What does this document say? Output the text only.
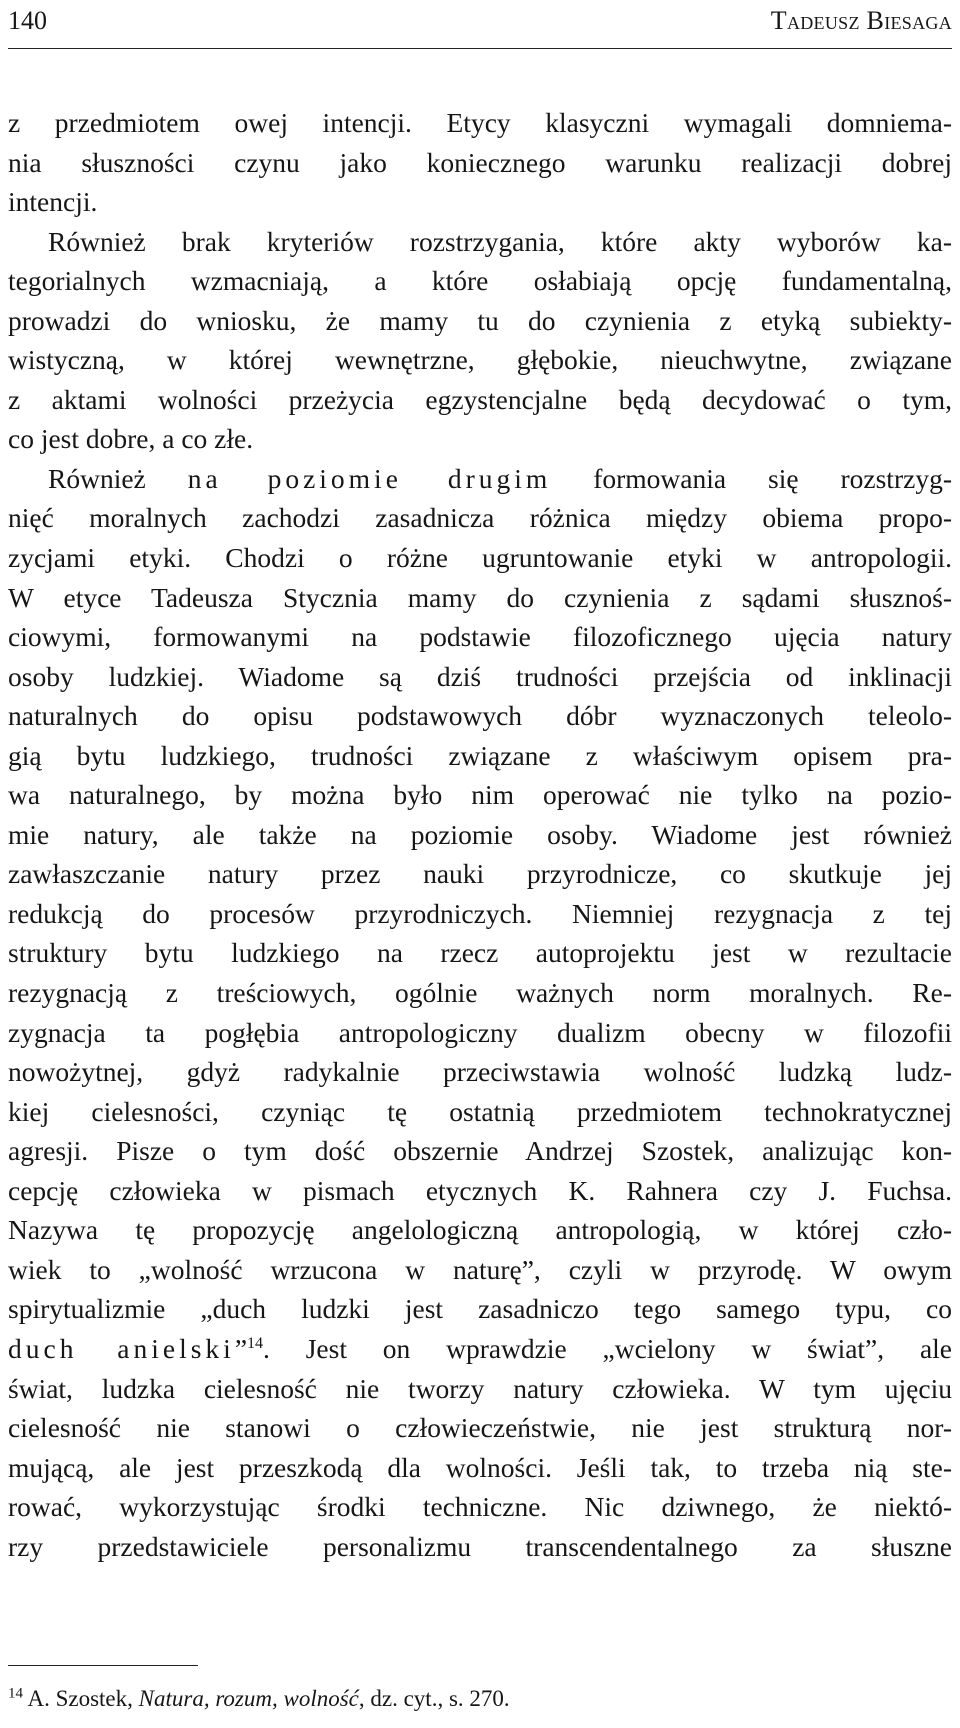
140	Tadeusz Biesaga
z przedmiotem owej intencji. Etycy klasyczni wymagali domniema-
nia słuszności czynu jako koniecznego warunku realizacji dobrej
intencji.
Również brak kryteriów rozstrzygania, które akty wyborów ka-
tegorialnych wzmacniają, a które osłabiają opcję fundamentalną,
prowadzi do wniosku, że mamy tu do czynienia z etyką subiekty-
wistyczną, w której wewnętrzne, głębokie, nieuchwytne, związane
z aktami wolności przeżycia egzystencjalne będą decydować o tym,
co jest dobre, a co złe.
Również na poziomie drugim formowania się rozstrzyg-
nięć moralnych zachodzi zasadnicza różnica między obiema propo-
zycjami etyki. Chodzi o różne ugruntowanie etyki w antropologii.
W etyce Tadeusza Stycznia mamy do czynienia z sądami słusznoś-
ciowymi, formowanymi na podstawie filozoficznego ujęcia natury
osoby ludzkiej. Wiadome są dziś trudności przejścia od inklinacji
naturalnych do opisu podstawowych dóbr wyznaczonych teleolo-
gią bytu ludzkiego, trudności związane z właściwym opisem pra-
wa naturalnego, by można było nim operować nie tylko na pozio-
mie natury, ale także na poziomie osoby. Wiadome jest również
zawłaszczanie natury przez nauki przyrodnicze, co skutkuje jej
redukcją do procesów przyrodniczych. Niemniej rezygnacja z tej
struktury bytu ludzkiego na rzecz autoprojektu jest w rezultacie
rezygnacją z treściowych, ogólnie ważnych norm moralnych. Re-
zygnacja ta pogłębia antropologiczny dualizm obecny w filozofii
nowożytnej, gdyż radykalnie przeciwstawia wolność ludzką ludz-
kiej cielesności, czyniąc tę ostatnią przedmiotem technokratycznej
agresji. Pisze o tym dość obszernie Andrzej Szostek, analizując kon-
cepcję człowieka w pismach etycznych K. Rahnera czy J. Fuchsa.
Nazywa tę propozycję angelologiczną antropologią, w której czło-
wiek to „wolność wrzucona w naturę”, czyli w przyrodę. W owym
spirytualizmie „duch ludzki jest zasadniczo tego samego typu, co
duch anielski”$^{14}$. Jest on wprawdzie „wcielony w świat”, ale
świat, ludzka cielesność nie tworzy natury człowieka. W tym ujęciu
cielesność nie stanowi o człowieczeństwie, nie jest strukturą nor-
mującą, ale jest przeszkodą dla wolności. Jeśli tak, to trzeba nią ste-
rować, wykorzystując środki techniczne. Nic dziwnego, że niektó-
rzy przedstawiciele personalizmu transcendentalnego za słuszne
$^{14}$ A. Szostek, Natura, rozum, wolność, dz. cyt., s. 270.
